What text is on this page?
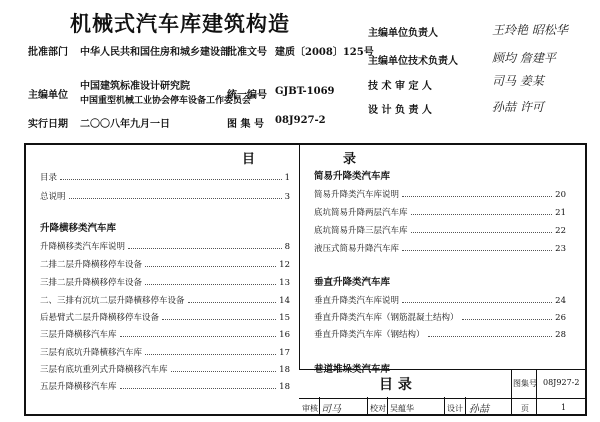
机械式汽车库建筑构造
批准部门 中华人民共和国住房和城乡建设部
批准文号 建质〔2008〕125号
主编单位
中国建筑标准设计研究院
中国重型机械工业协会停车设备工作委员会
统一编号 GJBT-1069
实行日期 二〇〇八年九月一日	图 集 号 08J927-2
主编单位负责人	王玲艳 昭松华
主编单位技术负责人	顾均 詹建平
技 术 审 定 人	司马 姜某
设 计 负 责 人	孙喆 许可
目	录
目录	1
总说明	3
升降横移类汽车库
升降横移类汽车库说明	8
二排二层升降横移停车设备	12
三排二层升降横移停车设备	13
二、三排有沉坑二层升降横移停车设备	14
后悬臂式二层升降横移停车设备	15
三层升降横移汽车库	16
三层有底坑升降横移汽车库	17
三层有底坑重列式升降横移汽车库	18
五层升降横移汽车库	18
简易升降类汽车库
简易升降类汽车库说明	20
底坑简易升降两层汽车库	21
底坑简易升降三层汽车库	22
液压式简易升降汽车库	23
垂直升降类汽车库
垂直升降类汽车库说明	24
垂直升降类汽车库（钢筋混凝土结构）	26
垂直升降类汽车库（钢结构）	28
巷道堆垛类汽车库
目 录	图集号 08J927-2
审核 司马	校对 吴蕴华	设计 孙喆	页	1
